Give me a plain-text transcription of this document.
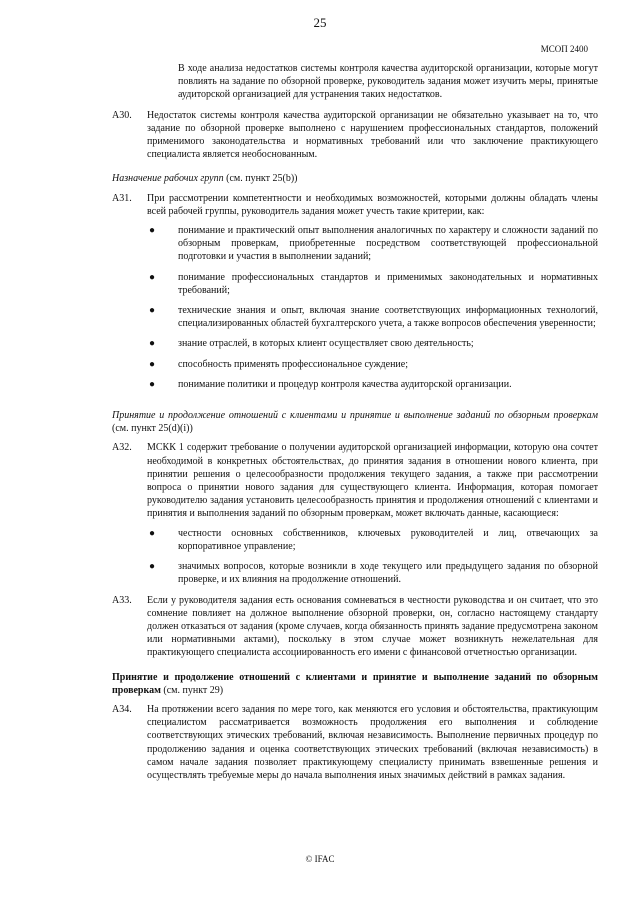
25
МСОП 2400

В ходе анализа недостатков системы контроля качества аудиторской организации, которые могут повлиять на задание по обзорной проверке, руководитель задания может изучить меры, принятые аудиторской организацией для устранения таких недостатков.

А30.	Недостаток системы контроля качества аудиторской организации не обязательно указывает на то, что задание по обзорной проверке выполнено с нарушением профессиональных стандартов, положений применимого законодательства и нормативных требований или что заключение практикующего специалиста является необоснованным.

Назначение рабочих групп (см. пункт 25(b))

А31.	При рассмотрении компетентности и необходимых возможностей, которыми должны обладать члены всей рабочей группы, руководитель задания может учесть такие критерии, как:

●	понимание и практический опыт выполнения аналогичных по характеру и сложности заданий по обзорным проверкам, приобретенные посредством соответствующей профессиональной подготовки и участия в выполнении заданий;
●	понимание профессиональных стандартов и применимых законодательных и нормативных требований;
●	технические знания и опыт, включая знание соответствующих информационных технологий, специализированных областей бухгалтерского учета, а также вопросов обеспечения уверенности;
●	знание отраслей, в которых клиент осуществляет свою деятельность;
●	способность применять профессиональное суждение;
●	понимание политики и процедур контроля качества аудиторской организации.

Принятие и продолжение отношений с клиентами и принятие и выполнение заданий по обзорным проверкам (см. пункт 25(d)(i))

А32.	МСКК 1 содержит требование о получении аудиторской организацией информации, которую она сочтет необходимой в конкретных обстоятельствах, до принятия задания в отношении нового клиента, при принятии решения о целесообразности продолжения текущего задания, а также при рассмотрении вопроса о принятии нового задания для существующего клиента. Информация, которая помогает руководителю задания установить целесообразность принятия и продолжения отношений с клиентами и принятия и выполнения заданий по обзорным проверкам, может включать данные, касающиеся:

●	честности основных собственников, ключевых руководителей и лиц, отвечающих за корпоративное управление;
●	значимых вопросов, которые возникли в ходе текущего или предыдущего задания по обзорной проверке, и их влияния на продолжение отношений.
А33.	Если у руководителя задания есть основания сомневаться в честности руководства и он считает, что это сомнение повлияет на должное выполнение обзорной проверки, он, согласно настоящему стандарту должен отказаться от задания (кроме случаев, когда обязанность принять задание предусмотрена законом или нормативными актами), поскольку в этом случае может возникнуть нежелательная для практикующего специалиста ассоциированность его имени с финансовой отчетностью организации.

Принятие и продолжение отношений с клиентами и принятие и выполнение заданий по обзорным проверкам (см. пункт 29)

А34.	На протяжении всего задания по мере того, как меняются его условия и обстоятельства, практикующим специалистом рассматривается возможность продолжения его выполнения и соблюдение соответствующих этических требований, включая независимость. Выполнение первичных процедур по продолжению задания и оценка соответствующих этических требований (включая независимость) в самом начале задания позволяет практикующему специалисту принимать взвешенные решения и осуществлять требуемые меры до начала выполнения иных значимых действий в рамках задания.

© IFAC
